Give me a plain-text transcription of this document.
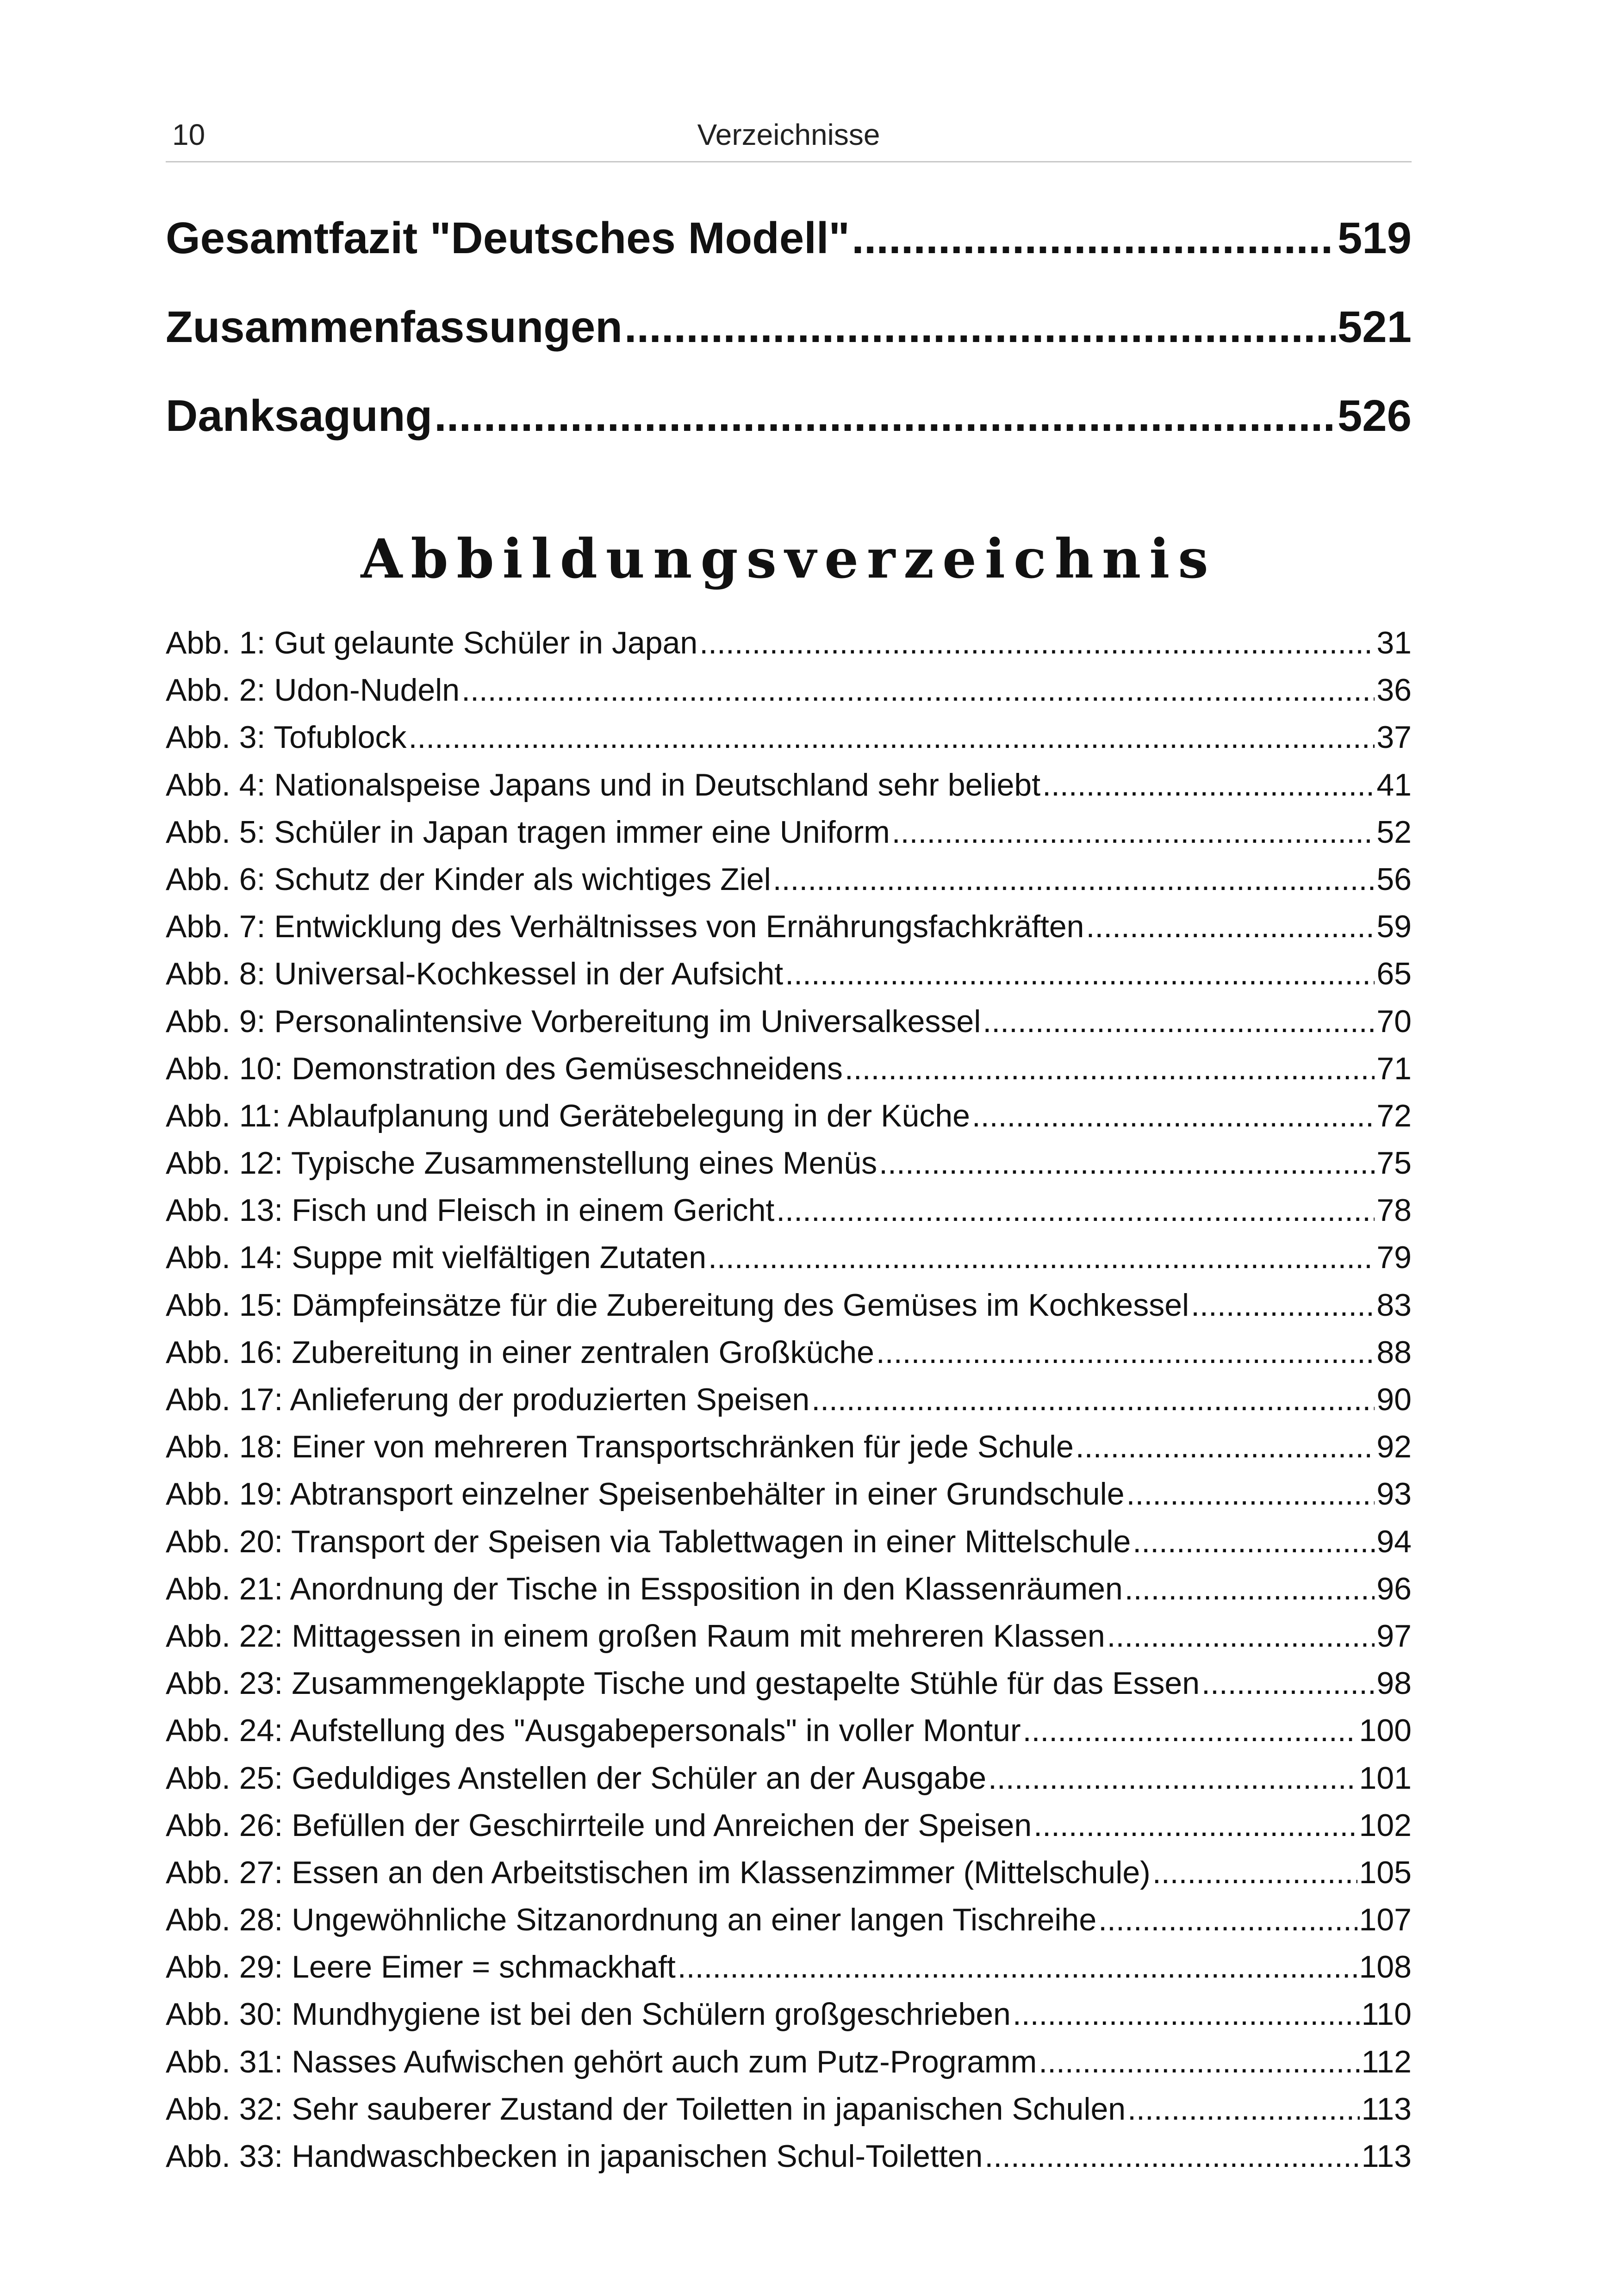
10	Verzeichnisse
Gesamtfazit "Deutsches Modell" .....	519
Zusammenfassungen .....	521
Danksagung .....	526
Abbildungsverzeichnis
Abb. 1: Gut gelaunte Schüler in Japan .....	31
Abb. 2: Udon-Nudeln .....	36
Abb. 3: Tofublock .....	37
Abb. 4: Nationalspeise Japans und in Deutschland sehr beliebt .....	41
Abb. 5: Schüler in Japan tragen immer eine Uniform .....	52
Abb. 6: Schutz der Kinder als wichtiges Ziel .....	56
Abb. 7: Entwicklung des Verhältnisses von Ernährungsfachkräften .....	59
Abb. 8: Universal-Kochkessel in der Aufsicht .....	65
Abb. 9: Personalintensive Vorbereitung im Universalkessel .....	70
Abb. 10: Demonstration des Gemüseschneidens .....	71
Abb. 11: Ablaufplanung und Gerätebelegung in der Küche .....	72
Abb. 12: Typische Zusammenstellung eines Menüs .....	75
Abb. 13: Fisch und Fleisch in einem Gericht .....	78
Abb. 14: Suppe mit vielfältigen Zutaten .....	79
Abb. 15: Dämpfeinsätze für die Zubereitung des Gemüses im Kochkessel .....	83
Abb. 16: Zubereitung in einer zentralen Großküche .....	88
Abb. 17: Anlieferung der produzierten Speisen .....	90
Abb. 18: Einer von mehreren Transportschränken für jede Schule .....	92
Abb. 19: Abtransport einzelner Speisenbehälter in einer Grundschule .....	93
Abb. 20: Transport der Speisen via Tablettwagen in einer Mittelschule .....	94
Abb. 21: Anordnung der Tische in Essposition in den Klassenräumen .....	96
Abb. 22: Mittagessen in einem großen Raum mit mehreren Klassen .....	97
Abb. 23: Zusammengeklappte Tische und gestapelte Stühle für das Essen .....	98
Abb. 24: Aufstellung des "Ausgabepersonals" in voller Montur .....	100
Abb. 25: Geduldiges Anstellen der Schüler an der Ausgabe .....	101
Abb. 26: Befüllen der Geschirrteile und Anreichen der Speisen .....	102
Abb. 27: Essen an den Arbeitstischen im Klassenzimmer (Mittelschule) .....	105
Abb. 28: Ungewöhnliche Sitzanordnung an einer langen Tischreihe .....	107
Abb. 29: Leere Eimer = schmackhaft .....	108
Abb. 30: Mundhygiene ist bei den Schülern großgeschrieben .....	110
Abb. 31: Nasses Aufwischen gehört auch zum Putz-Programm .....	112
Abb. 32: Sehr sauberer Zustand der Toiletten in japanischen Schulen .....	113
Abb. 33: Handwaschbecken in japanischen Schul-Toiletten .....	113
